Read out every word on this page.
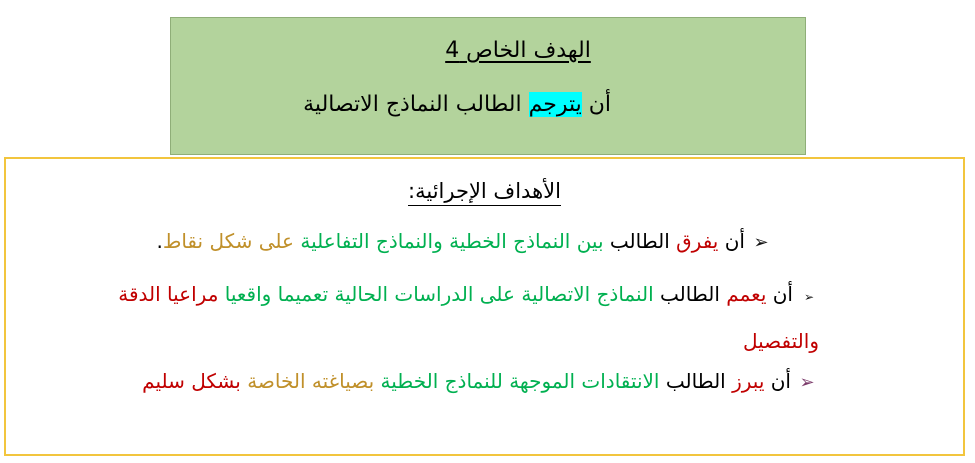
الهدف الخاص 4
أن يترجم الطالب النماذج الاتصالية
الأهداف الإجرائية:
➢أن يفرق الطالب بين النماذج الخطية والنماذج التفاعلية على شكل نقاط.
➢أن يعمم الطالب النماذج الاتصالية على الدراسات الحالية تعميما واقعيا مراعيا الدقة والتفصيل
➢أن يبرز الطالب الانتقادات الموجهة للنماذج الخطية بصياغته الخاصة بشكل سليم
